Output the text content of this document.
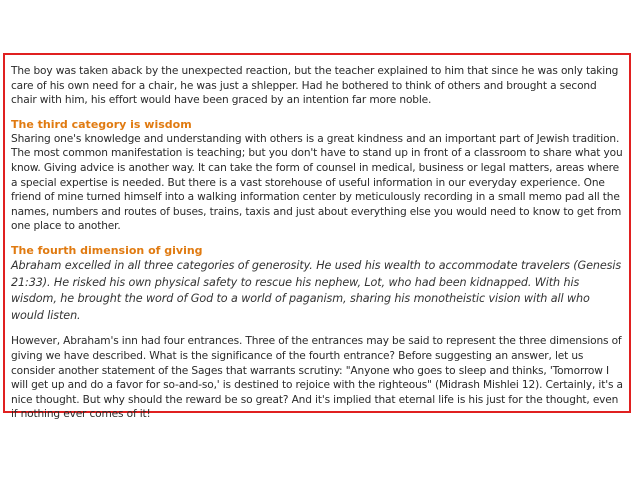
The boy was taken aback by the unexpected reaction, but the teacher explained to him that since he was only taking care of his own need for a chair, he was just a shlepper. Had he bothered to think of others and brought a second chair with him, his effort would have been graced by an intention far more noble.

The third category is wisdom

Sharing one's knowledge and understanding with others is a great kindness and an important part of Jewish tradition. The most common manifestation is teaching; but you don't have to stand up in front of a classroom to share what you know. Giving advice is another way. It can take the form of counsel in medical, business or legal matters, areas where a special expertise is needed. But there is a vast storehouse of useful information in our everyday experience. One friend of mine turned himself into a walking information center by meticulously recording in a small memo pad all the names, numbers and routes of buses, trains, taxis and just about everything else you would need to know to get from one place to another.

The fourth dimension of giving

Abraham excelled in all three categories of generosity. He used his wealth to accommodate travelers (Genesis 21:33). He risked his own physical safety to rescue his nephew, Lot, who had been kidnapped. With his wisdom, he brought the word of God to a world of paganism, sharing his monotheistic vision with all who would listen.

However, Abraham's inn had four entrances. Three of the entrances may be said to represent the three dimensions of giving we have described. What is the significance of the fourth entrance? Before suggesting an answer, let us consider another statement of the Sages that warrants scrutiny: "Anyone who goes to sleep and thinks, 'Tomorrow I will get up and do a favor for so-and-so,' is destined to rejoice with the righteous" (Midrash Mishlei 12). Certainly, it's a nice thought. But why should the reward be so great? And it's implied that eternal life is his just for the thought, even if nothing ever comes of it!
